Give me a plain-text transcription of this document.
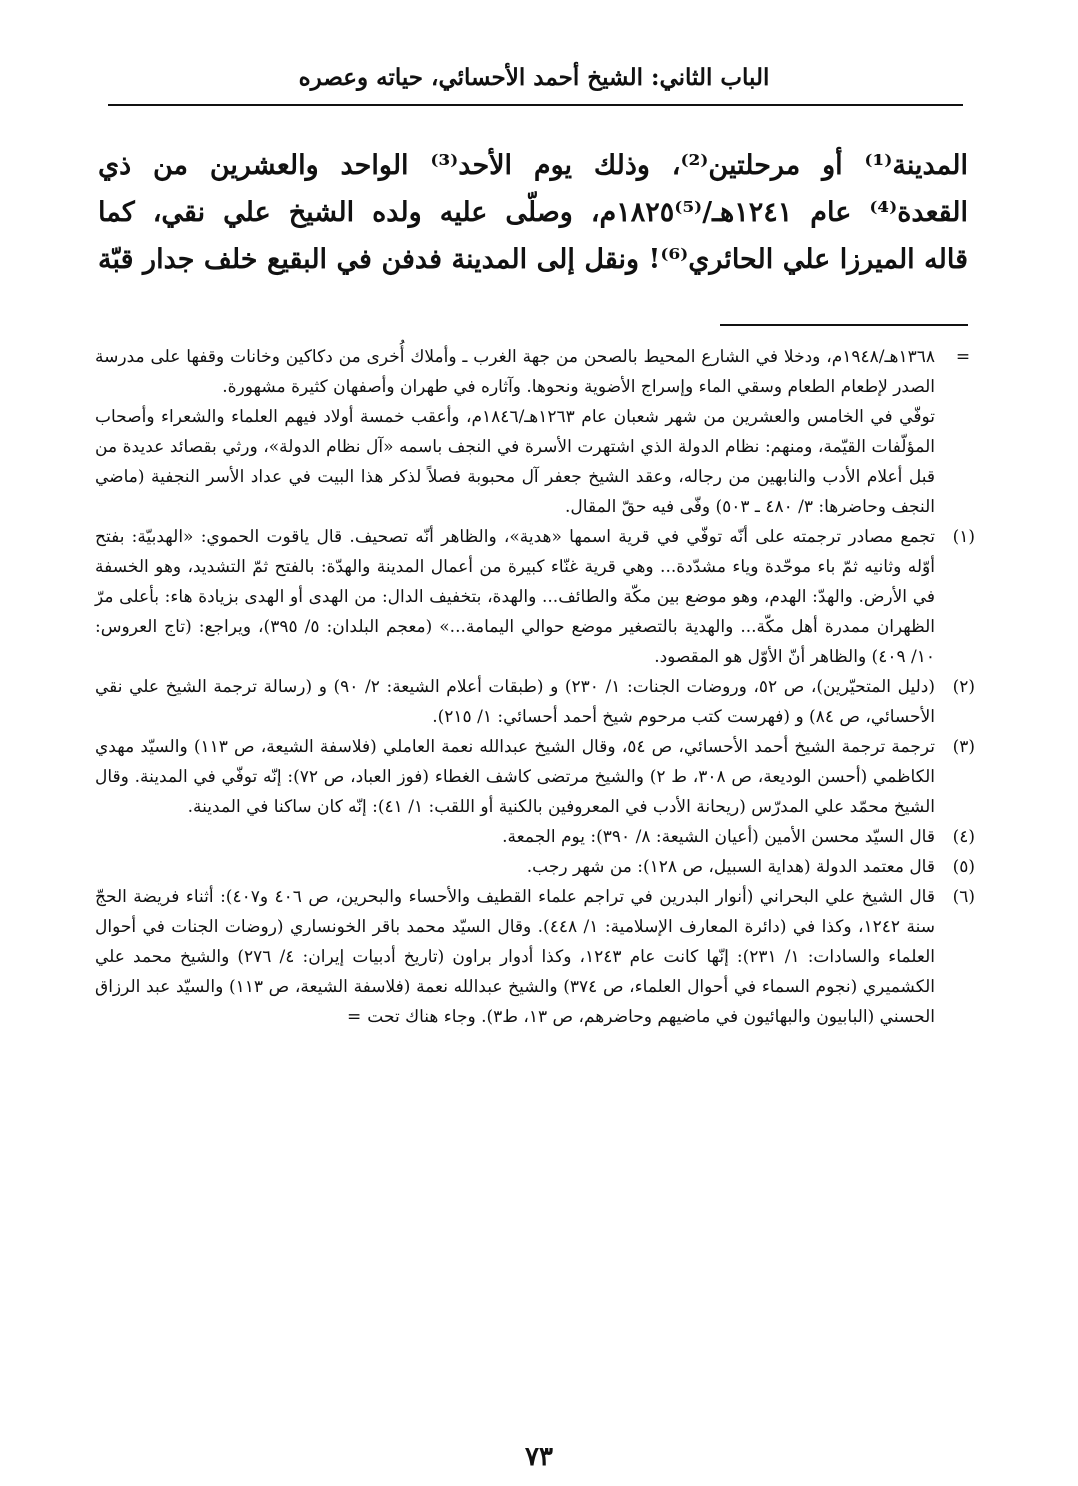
الباب الثاني: الشيخ أحمد الأحسائي، حياته وعصره

المدينة⁽¹⁾ أو مرحلتين⁽²⁾، وذلك يوم الأحد⁽³⁾ الواحد والعشرين من ذي
القعدة⁽⁴⁾ عام ١٢٤١هـ/⁽⁵⁾١٨٢٥م، وصلّى عليه ولده الشيخ علي نقي، كما
قاله الميرزا علي الحائري⁽⁶⁾! ونقل إلى المدينة فدفن في البقيع خلف جدار قبّة

=

١٣٦٨هـ/١٩٤٨م، ودخلا في الشارع المحيط بالصحن من جهة الغرب ـ وأملاك أُخرى من دكاكين وخانات وقفها على مدرسة الصدر لإطعام الطعام وسقي الماء وإسراج الأضوية ونحوها. وآثاره في طهران وأصفهان كثيرة مشهورة.

توفّي في الخامس والعشرين من شهر شعبان عام ١٢٦٣هـ/١٨٤٦م، وأعقب خمسة أولاد فيهم العلماء والشعراء وأصحاب المؤلّفات القيّمة، ومنهم: نظام الدولة الذي اشتهرت الأسرة في النجف باسمه «آل نظام الدولة»، ورثي بقصائد عديدة من قبل أعلام الأدب والنابهين من رجاله، وعقد الشيخ جعفر آل محبوبة فصلاً لذكر هذا البيت في عداد الأسر النجفية (ماضي النجف وحاضرها: ٣/ ٤٨٠ ـ ٥٠٣) وفّى فيه حقّ المقال.

(١)

تجمع مصادر ترجمته على أنّه توفّي في قرية اسمها «هدية»، والظاهر أنّه تصحيف. قال ياقوت الحموي: «الهدبيّة: بفتح أوّله وثانيه ثمّ باء موحّدة وياء مشدّدة... وهي قرية غنّاء كبيرة من أعمال المدينة والهدّة: بالفتح ثمّ التشديد، وهو الخسفة في الأرض. والهدّ: الهدم، وهو موضع بين مكّة والطائف... والهدة، بتخفيف الدال: من الهدى أو الهدى بزيادة هاء: بأعلى مرّ الظهران ممدرة أهل مكّة... والهدية بالتصغير موضع حوالي اليمامة...» (معجم البلدان: ٥/ ٣٩٥)، ويراجع: (تاج العروس: ١٠/ ٤٠٩) والظاهر أنّ الأوّل هو المقصود.

(٢)

(دليل المتحيّرين)، ص ٥٢، وروضات الجنات: ١/ ٢٣٠) و (طبقات أعلام الشيعة: ٢/ ٩٠) و (رسالة ترجمة الشيخ علي نقي الأحسائي، ص ٨٤) و (فهرست كتب مرحوم شيخ أحمد أحسائي: ١/ ٢١٥).

(٣)

ترجمة ترجمة الشيخ أحمد الأحسائي، ص ٥٤، وقال الشيخ عبدالله نعمة العاملي (فلاسفة الشيعة، ص ١١٣) والسيّد مهدي الكاظمي (أحسن الوديعة، ص ٣٠٨، ط ٢) والشيخ مرتضى كاشف الغطاء (فوز العباد، ص ٧٢): إنّه توفّي في المدينة. وقال الشيخ محمّد علي المدرّس (ريحانة الأدب في المعروفين بالكنية أو اللقب: ١/ ٤١): إنّه كان ساكنا في المدينة.

(٤)

قال السيّد محسن الأمين (أعيان الشيعة: ٨/ ٣٩٠): يوم الجمعة.

(٥)

قال معتمد الدولة (هداية السبيل، ص ١٢٨): من شهر رجب.

(٦)

قال الشيخ علي البحراني (أنوار البدرين في تراجم علماء القطيف والأحساء والبحرين، ص ٤٠٦ و٤٠٧): أثناء فريضة الحجّ سنة ١٢٤٢، وكذا في (دائرة المعارف الإسلامية: ١/ ٤٤٨). وقال السيّد محمد باقر الخونساري (روضات الجنات في أحوال العلماء والسادات: ١/ ٢٣١): إنّها كانت عام ١٢٤٣، وكذا أدوار براون (تاريخ أدبيات إيران: ٤/ ٢٧٦) والشيخ محمد علي الكشميري (نجوم السماء في أحوال العلماء، ص ٣٧٤) والشيخ عبدالله نعمة (فلاسفة الشيعة، ص ١١٣) والسيّد عبد الرزاق الحسني (البابيون والبهائيون في ماضيهم وحاضرهم، ص ١٣، ط٣). وجاء هناك تحت=

٧٣
